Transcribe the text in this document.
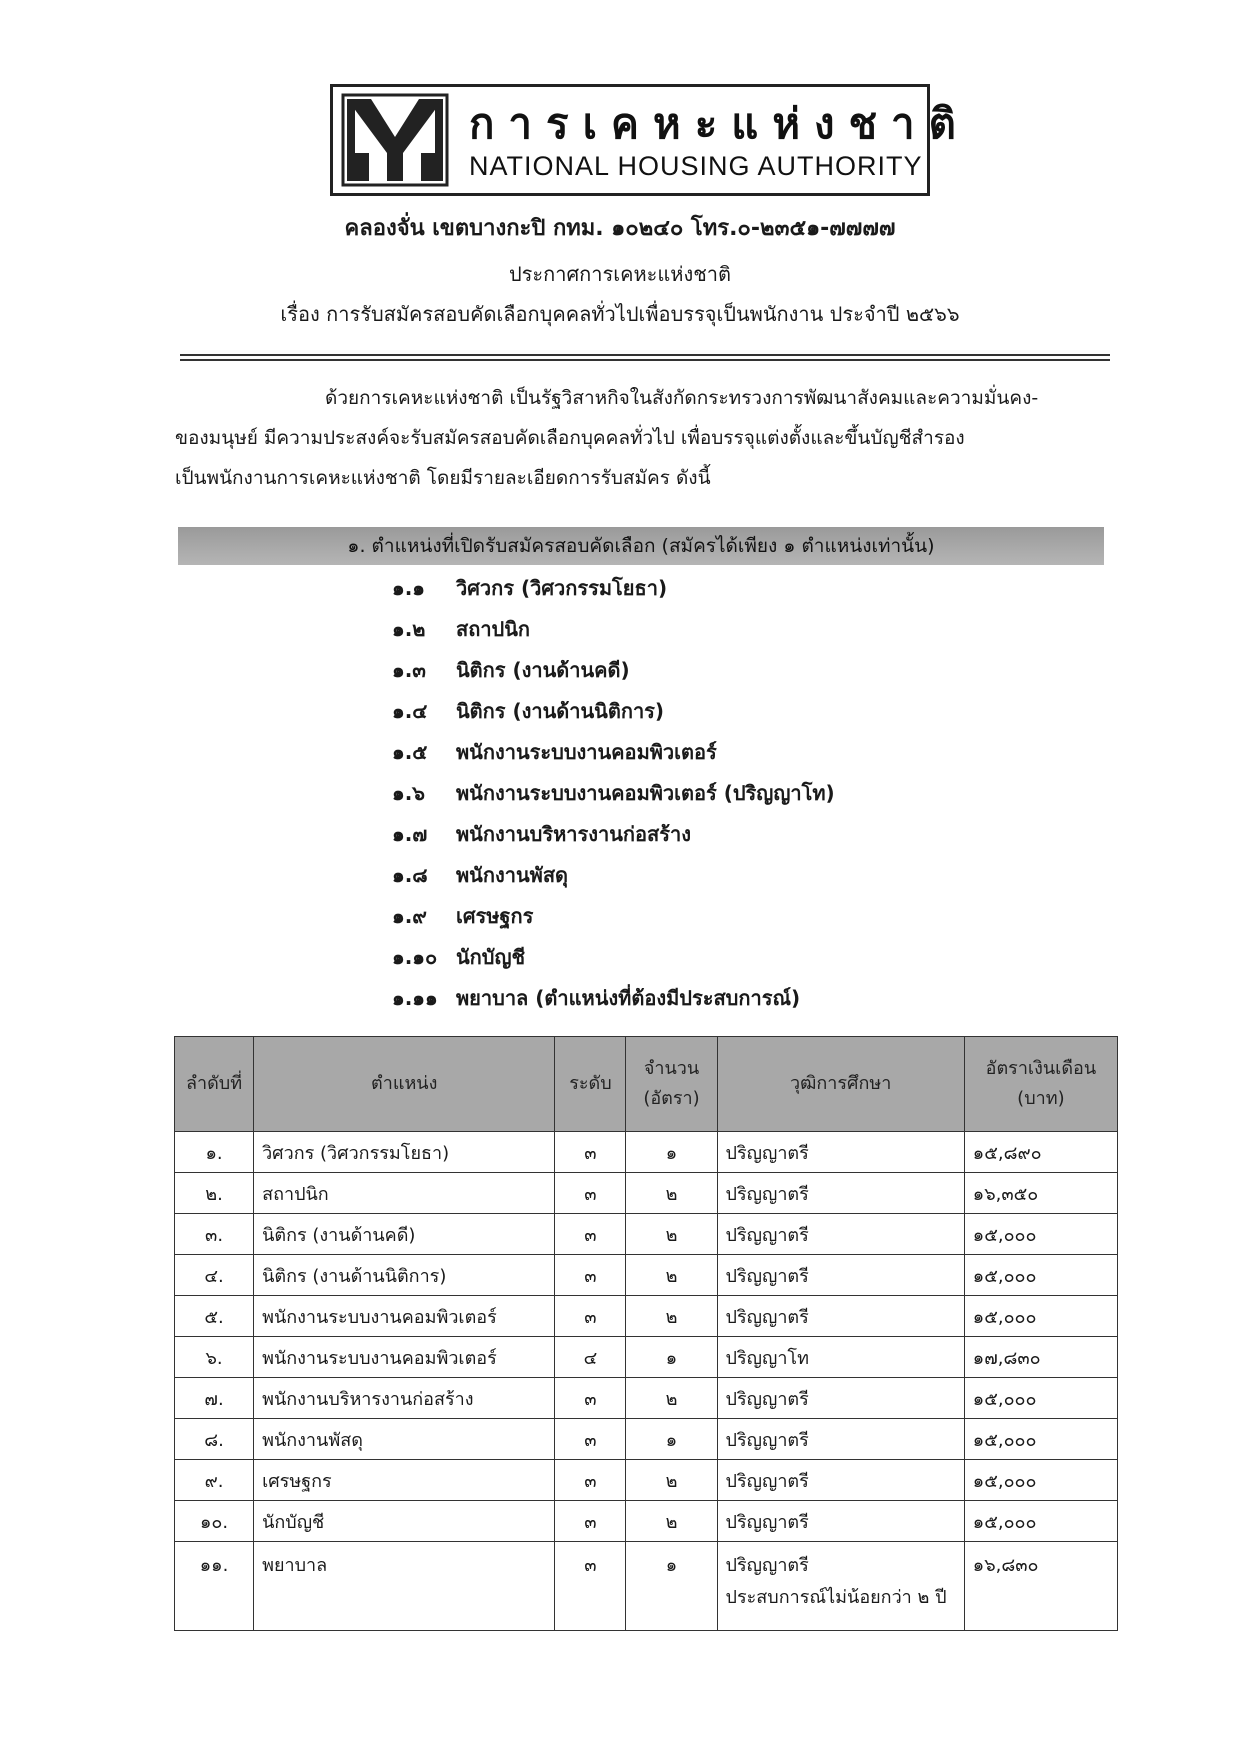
การเคหะแห่งชาติ
NATIONAL HOUSING AUTHORITY
คลองจั่น เขตบางกะปิ กทม. ๑๐๒๔๐ โทร.๐-๒๓๕๑-๗๗๗๗
ประกาศการเคหะแห่งชาติ
เรื่อง การรับสมัครสอบคัดเลือกบุคคลทั่วไปเพื่อบรรจุเป็นพนักงาน ประจำปี ๒๕๖๖

ด้วยการเคหะแห่งชาติ เป็นรัฐวิสาหกิจในสังกัดกระทรวงการพัฒนาสังคมและความมั่นคง-

ของมนุษย์ มีความประสงค์จะรับสมัครสอบคัดเลือกบุคคลทั่วไป เพื่อบรรจุแต่งตั้งและขึ้นบัญชีสำรอง

เป็นพนักงานการเคหะแห่งชาติ โดยมีรายละเอียดการรับสมัคร ดังนี้

๑. ตำแหน่งที่เปิดรับสมัครสอบคัดเลือก (สมัครได้เพียง ๑ ตำแหน่งเท่านั้น)
๑.๑ วิศวกร (วิศวกรรมโยธา)
๑.๒ สถาปนิก
๑.๓ นิติกร (งานด้านคดี)
๑.๔ นิติกร (งานด้านนิติการ)
๑.๕ พนักงานระบบงานคอมพิวเตอร์
๑.๖ พนักงานระบบงานคอมพิวเตอร์ (ปริญญาโท)
๑.๗ พนักงานบริหารงานก่อสร้าง
๑.๘ พนักงานพัสดุ
๑.๙ เศรษฐกร
๑.๑๐ นักบัญชี
๑.๑๑ พยาบาล (ตำแหน่งที่ต้องมีประสบการณ์)
ลำดับที่	ตำแหน่ง	ระดับ	จำนวน (อัตรา)	วุฒิการศึกษา	อัตราเงินเดือน (บาท)
๑.	วิศวกร (วิศวกรรมโยธา)	๓	๑	ปริญญาตรี	๑๕,๘๙๐
๒.	สถาปนิก	๓	๒	ปริญญาตรี	๑๖,๓๕๐
๓.	นิติกร (งานด้านคดี)	๓	๒	ปริญญาตรี	๑๕,๐๐๐
๔.	นิติกร (งานด้านนิติการ)	๓	๒	ปริญญาตรี	๑๕,๐๐๐
๕.	พนักงานระบบงานคอมพิวเตอร์	๓	๒	ปริญญาตรี	๑๕,๐๐๐
๖.	พนักงานระบบงานคอมพิวเตอร์	๔	๑	ปริญญาโท	๑๗,๘๓๐
๗.	พนักงานบริหารงานก่อสร้าง	๓	๒	ปริญญาตรี	๑๕,๐๐๐
๘.	พนักงานพัสดุ	๓	๑	ปริญญาตรี	๑๕,๐๐๐
๙.	เศรษฐกร	๓	๒	ปริญญาตรี	๑๕,๐๐๐
๑๐.	นักบัญชี	๓	๒	ปริญญาตรี	๑๕,๐๐๐
๑๑.	พยาบาล	๓	๑	ปริญญาตรี
ประสบการณ์ไม่น้อยกว่า ๒ ปี	๑๖,๘๓๐
